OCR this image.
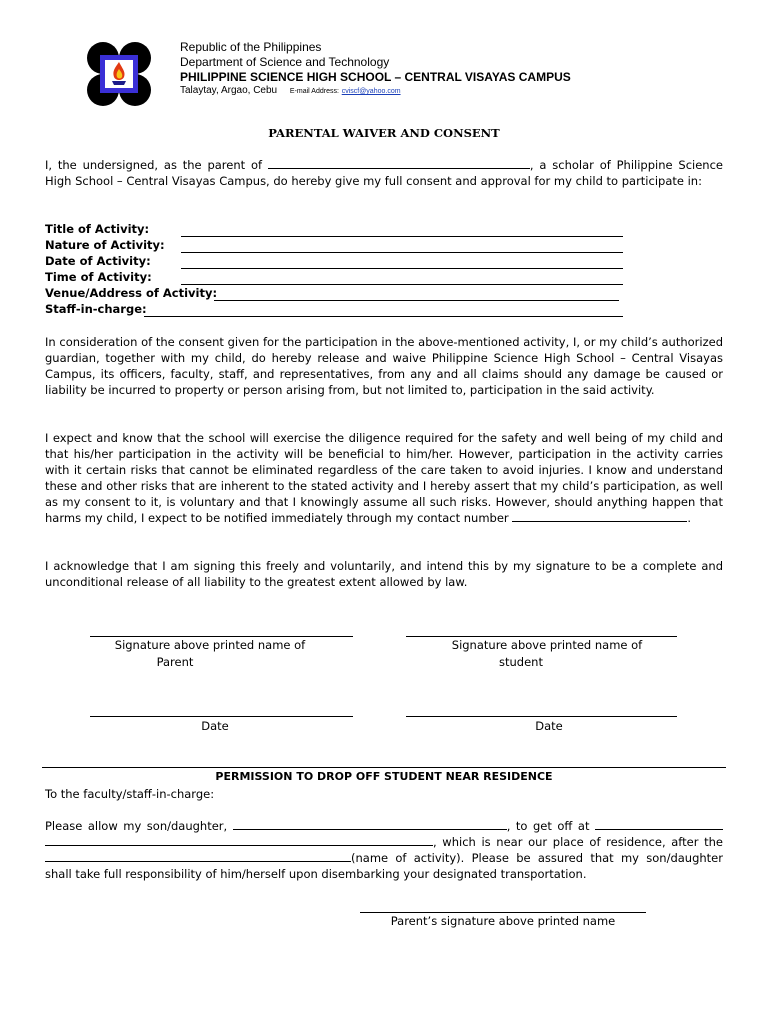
Republic of the Philippines
Department of Science and Technology
PHILIPPINE SCIENCE HIGH SCHOOL – CENTRAL VISAYAS CAMPUS
Talaytay, Argao, Cebu E-mail Address: cviscf@yahoo.com
PARENTAL WAIVER AND CONSENT

I, the undersigned, as the parent of	, a scholar of Philippine Science High School – Central Visayas Campus, do hereby give my full consent and approval for my child to participate in:

Title of Activity:
Nature of Activity:
Date of Activity:
Time of Activity:
Venue/Address of Activity:
Staff-in-charge:

In consideration of the consent given for the participation in the above-mentioned activity, I, or my child’s authorized guardian, together with my child, do hereby release and waive Philippine Science High School – Central Visayas Campus, its officers, faculty, staff, and representatives, from any and all claims should any damage be caused or liability be incurred to property or person arising from, but not limited to, participation in the said activity.

I expect and know that the school will exercise the diligence required for the safety and well being of my child and that his/her participation in the activity will be beneficial to him/her. However, participation in the activity carries with it certain risks that cannot be eliminated regardless of the care taken to avoid injuries. I know and understand these and other risks that are inherent to the stated activity and I hereby assert that my child’s participation, as well as my consent to it, is voluntary and that I knowingly assume all such risks. However, should anything happen that harms my child, I expect to be notified immediately through my contact number	.

I acknowledge that I am signing this freely and voluntarily, and intend this by my signature to be a complete and unconditional release of all liability to the greatest extent allowed by law.

Signature above printed name of
Parent
Signature above printed name of
student
Date	Date
PERMISSION TO DROP OFF STUDENT NEAR RESIDENCE
To the faculty/staff-in-charge:

Please allow my son/daughter,	, to get off at  , which is near our place of residence, after the (name of activity). Please be assured that my son/daughter shall take full responsibility of him/herself upon disembarking your designated transportation.

Parent’s signature above printed name
